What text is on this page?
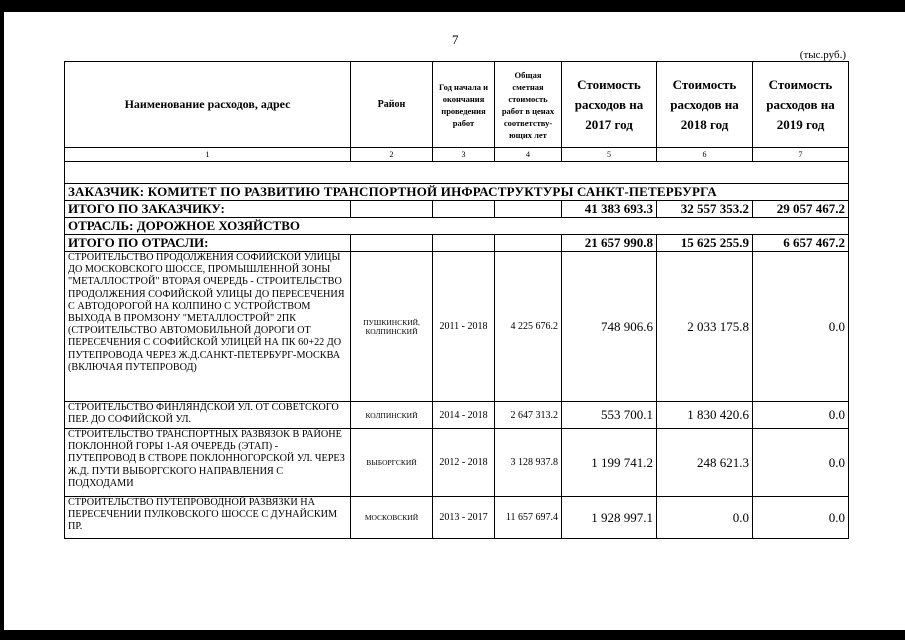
7
(тыс.руб.)
Наименование расходов, адрес	Район	Год начала и окончания проведения работ	Общая сметная стоимость работ в ценах соответству-ющих лет	Стоимость расходов на 2017 год	Стоимость расходов на 2018 год	Стоимость расходов на 2019 год
1	2	3	4	5	6	7

ЗАКАЗЧИК: КОМИТЕТ ПО РАЗВИТИЮ ТРАНСПОРТНОЙ ИНФРАСТРУКТУРЫ САНКТ-ПЕТЕРБУРГА						
ИТОГО ПО ЗАКАЗЧИКУ:				41 383 693.3	32 557 353.2	29 057 467.2
ОТРАСЛЬ: ДОРОЖНОЕ ХОЗЯЙСТВО						
ИТОГО ПО ОТРАСЛИ:				21 657 990.8	15 625 255.9	6 657 467.2
СТРОИТЕЛЬСТВО ПРОДОЛЖЕНИЯ СОФИЙСКОЙ УЛИЦЫ ДО МОСКОВСКОГО ШОССЕ, ПРОМЫШЛЕННОЙ ЗОНЫ "МЕТАЛЛОСТРОЙ" ВТОРАЯ ОЧЕРЕДЬ - СТРОИТЕЛЬСТВО ПРОДОЛЖЕНИЯ СОФИЙСКОЙ УЛИЦЫ ДО ПЕРЕСЕЧЕНИЯ С АВТОДОРОГОЙ НА КОЛПИНО С УСТРОЙСТВОМ ВЫХОДА В ПРОМЗОНУ "МЕТАЛЛОСТРОЙ" 2ПК (СТРОИТЕЛЬСТВО АВТОМОБИЛЬНОЙ ДОРОГИ ОТ ПЕРЕСЕЧЕНИЯ С СОФИЙСКОЙ УЛИЦЕЙ НА ПК 60+22 ДО ПУТЕПРОВОДА ЧЕРЕЗ Ж.Д.САНКТ-ПЕТЕРБУРГ-МОСКВА (ВКЛЮЧАЯ ПУТЕПРОВОД)	ПУШКИНСКИЙ, КОЛПИНСКИЙ	2011 - 2018	4 225 676.2	748 906.6	2 033 175.8	0.0
СТРОИТЕЛЬСТВО ФИНЛЯНДСКОЙ УЛ. ОТ СОВЕТСКОГО ПЕР. ДО СОФИЙСКОЙ УЛ.	КОЛПИНСКИЙ	2014 - 2018	2 647 313.2	553 700.1	1 830 420.6	0.0
СТРОИТЕЛЬСТВО ТРАНСПОРТНЫХ РАЗВЯЗОК В РАЙОНЕ ПОКЛОННОЙ ГОРЫ 1-АЯ ОЧЕРЕДЬ (ЭТАП) - ПУТЕПРОВОД В СТВОРЕ ПОКЛОННОГОРСКОЙ УЛ. ЧЕРЕЗ Ж.Д. ПУТИ ВЫБОРГСКОГО НАПРАВЛЕНИЯ С ПОДХОДАМИ	ВЫБОРГСКИЙ	2012 - 2018	3 128 937.8	1 199 741.2	248 621.3	0.0
СТРОИТЕЛЬСТВО ПУТЕПРОВОДНОЙ РАЗВЯЗКИ НА ПЕРЕСЕЧЕНИИ ПУЛКОВСКОГО ШОССЕ С ДУНАЙСКИМ ПР.	МОСКОВСКИЙ	2013 - 2017	11 657 697.4	1 928 997.1	0.0	0.0
